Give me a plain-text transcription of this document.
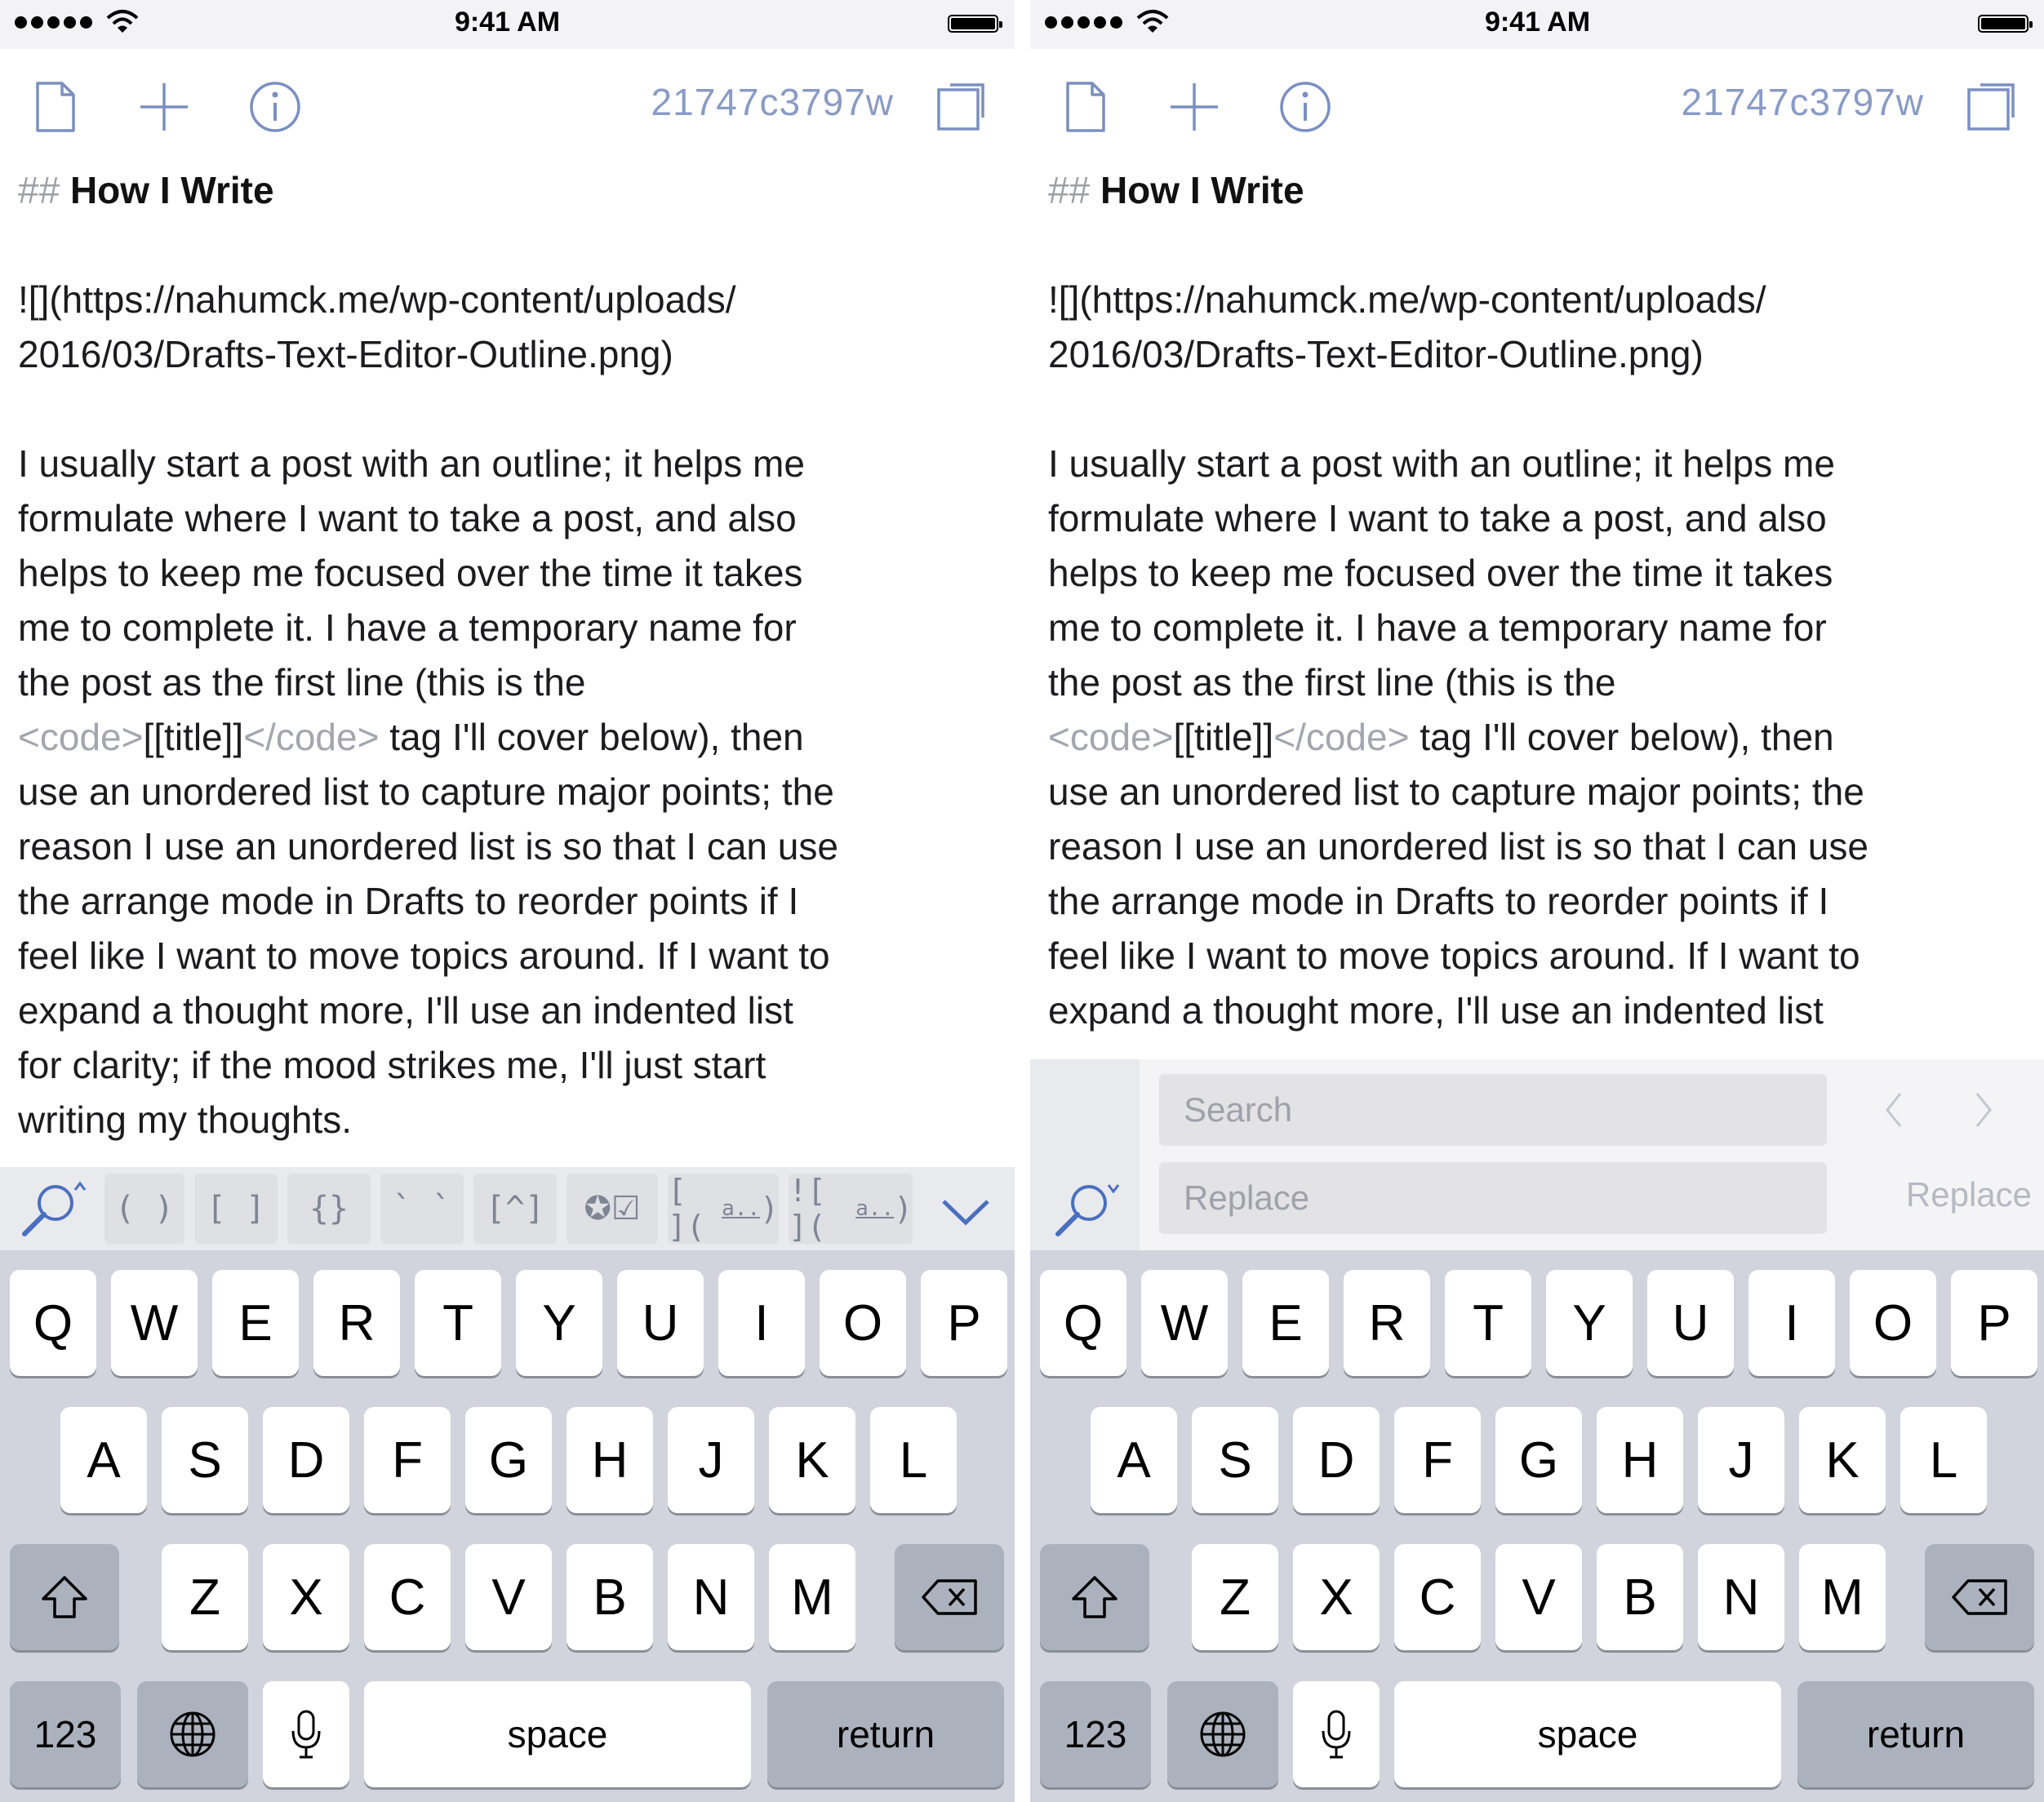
9:41 AM
21747c3797w
## How I Write
![](https://nahumck.me/wp-content/uploads/
2016/03/Drafts-Text-Editor-Outline.png)
I usually start a post with an outline; it helps me
formulate where I want to take a post, and also
helps to keep me focused over the time it takes
me to complete it. I have a temporary name for
the post as the first line (this is the
<code>[[title]]</code> tag I'll cover below), then
use an unordered list to capture major points; the
reason I use an unordered list is so that I can use
the arrange mode in Drafts to reorder points if I
feel like I want to move topics around. If I want to
expand a thought more, I'll use an indented list
for clarity; if the mood strikes me, I'll just start
writing my thoughts.
( ) [ ]	{}	` `	[^]	✪ ☑ [ ]( a.. ) ![ ](	a.. )
Q	W	E	R	T	Y	U	I	O	P
A	S	D	F	G	H	J	K	L
Z	X	C	V	B	N	M
123	space	return
9:41 AM
21747c3797w
## How I Write
![](https://nahumck.me/wp-content/uploads/
2016/03/Drafts-Text-Editor-Outline.png)
I usually start a post with an outline; it helps me
formulate where I want to take a post, and also
helps to keep me focused over the time it takes
me to complete it. I have a temporary name for
the post as the first line (this is the
<code>[[title]]</code> tag I'll cover below), then
use an unordered list to capture major points; the
reason I use an unordered list is so that I can use
the arrange mode in Drafts to reorder points if I
feel like I want to move topics around. If I want to
expand a thought more, I'll use an indented list
Search
Replace	Replace
Q	W	E	R	T	Y	U	I	O	P
A	S	D	F	G	H	J	K	L
Z	X	C	V	B	N	M
123	space	return
